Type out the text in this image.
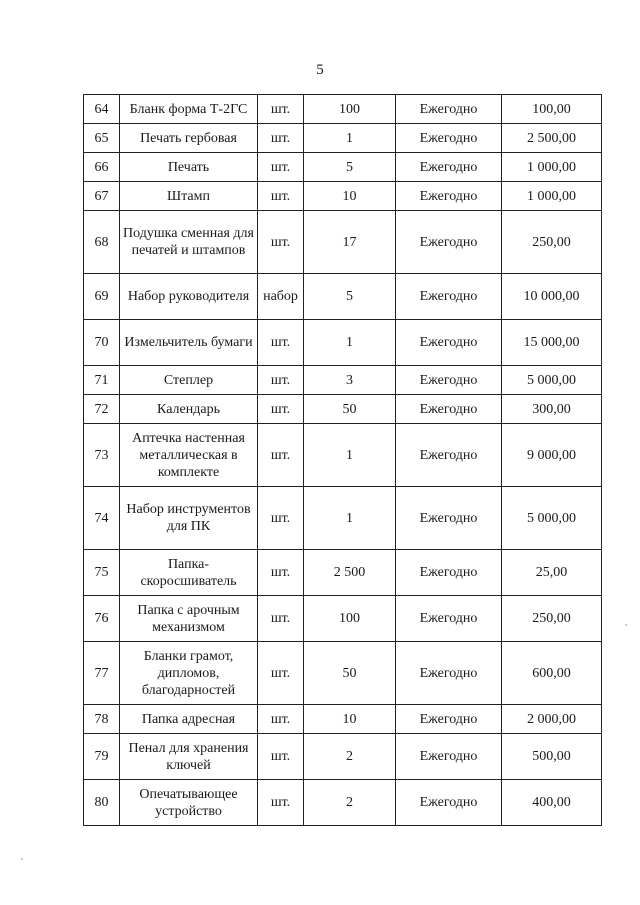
5
64	Бланк форма Т-2ГС	шт.	100	Ежегодно	100,00
65	Печать гербовая	шт.	1	Ежегодно	2 500,00
66	Печать	шт.	5	Ежегодно	1 000,00
67	Штамп	шт.	10	Ежегодно	1 000,00
68	Подушка сменная для печатей и штампов	шт.	17	Ежегодно	250,00
69	Набор руководителя	набор	5	Ежегодно	10 000,00
70	Измельчитель бумаги	шт.	1	Ежегодно	15 000,00
71	Степлер	шт.	3	Ежегодно	5 000,00
72	Календарь	шт.	50	Ежегодно	300,00
73	Аптечка настенная металлическая в комплекте	шт.	1	Ежегодно	9 000,00
74	Набор инструментов для ПК	шт.	1	Ежегодно	5 000,00
75	Папка-скоросшиватель	шт.	2 500	Ежегодно	25,00
76	Папка с арочным механизмом	шт.	100	Ежегодно	250,00
77	Бланки грамот, дипломов, благодарностей	шт.	50	Ежегодно	600,00
78	Папка адресная	шт.	10	Ежегодно	2 000,00
79	Пенал для хранения ключей	шт.	2	Ежегодно	500,00
80	Опечатывающее устройство	шт.	2	Ежегодно	400,00
